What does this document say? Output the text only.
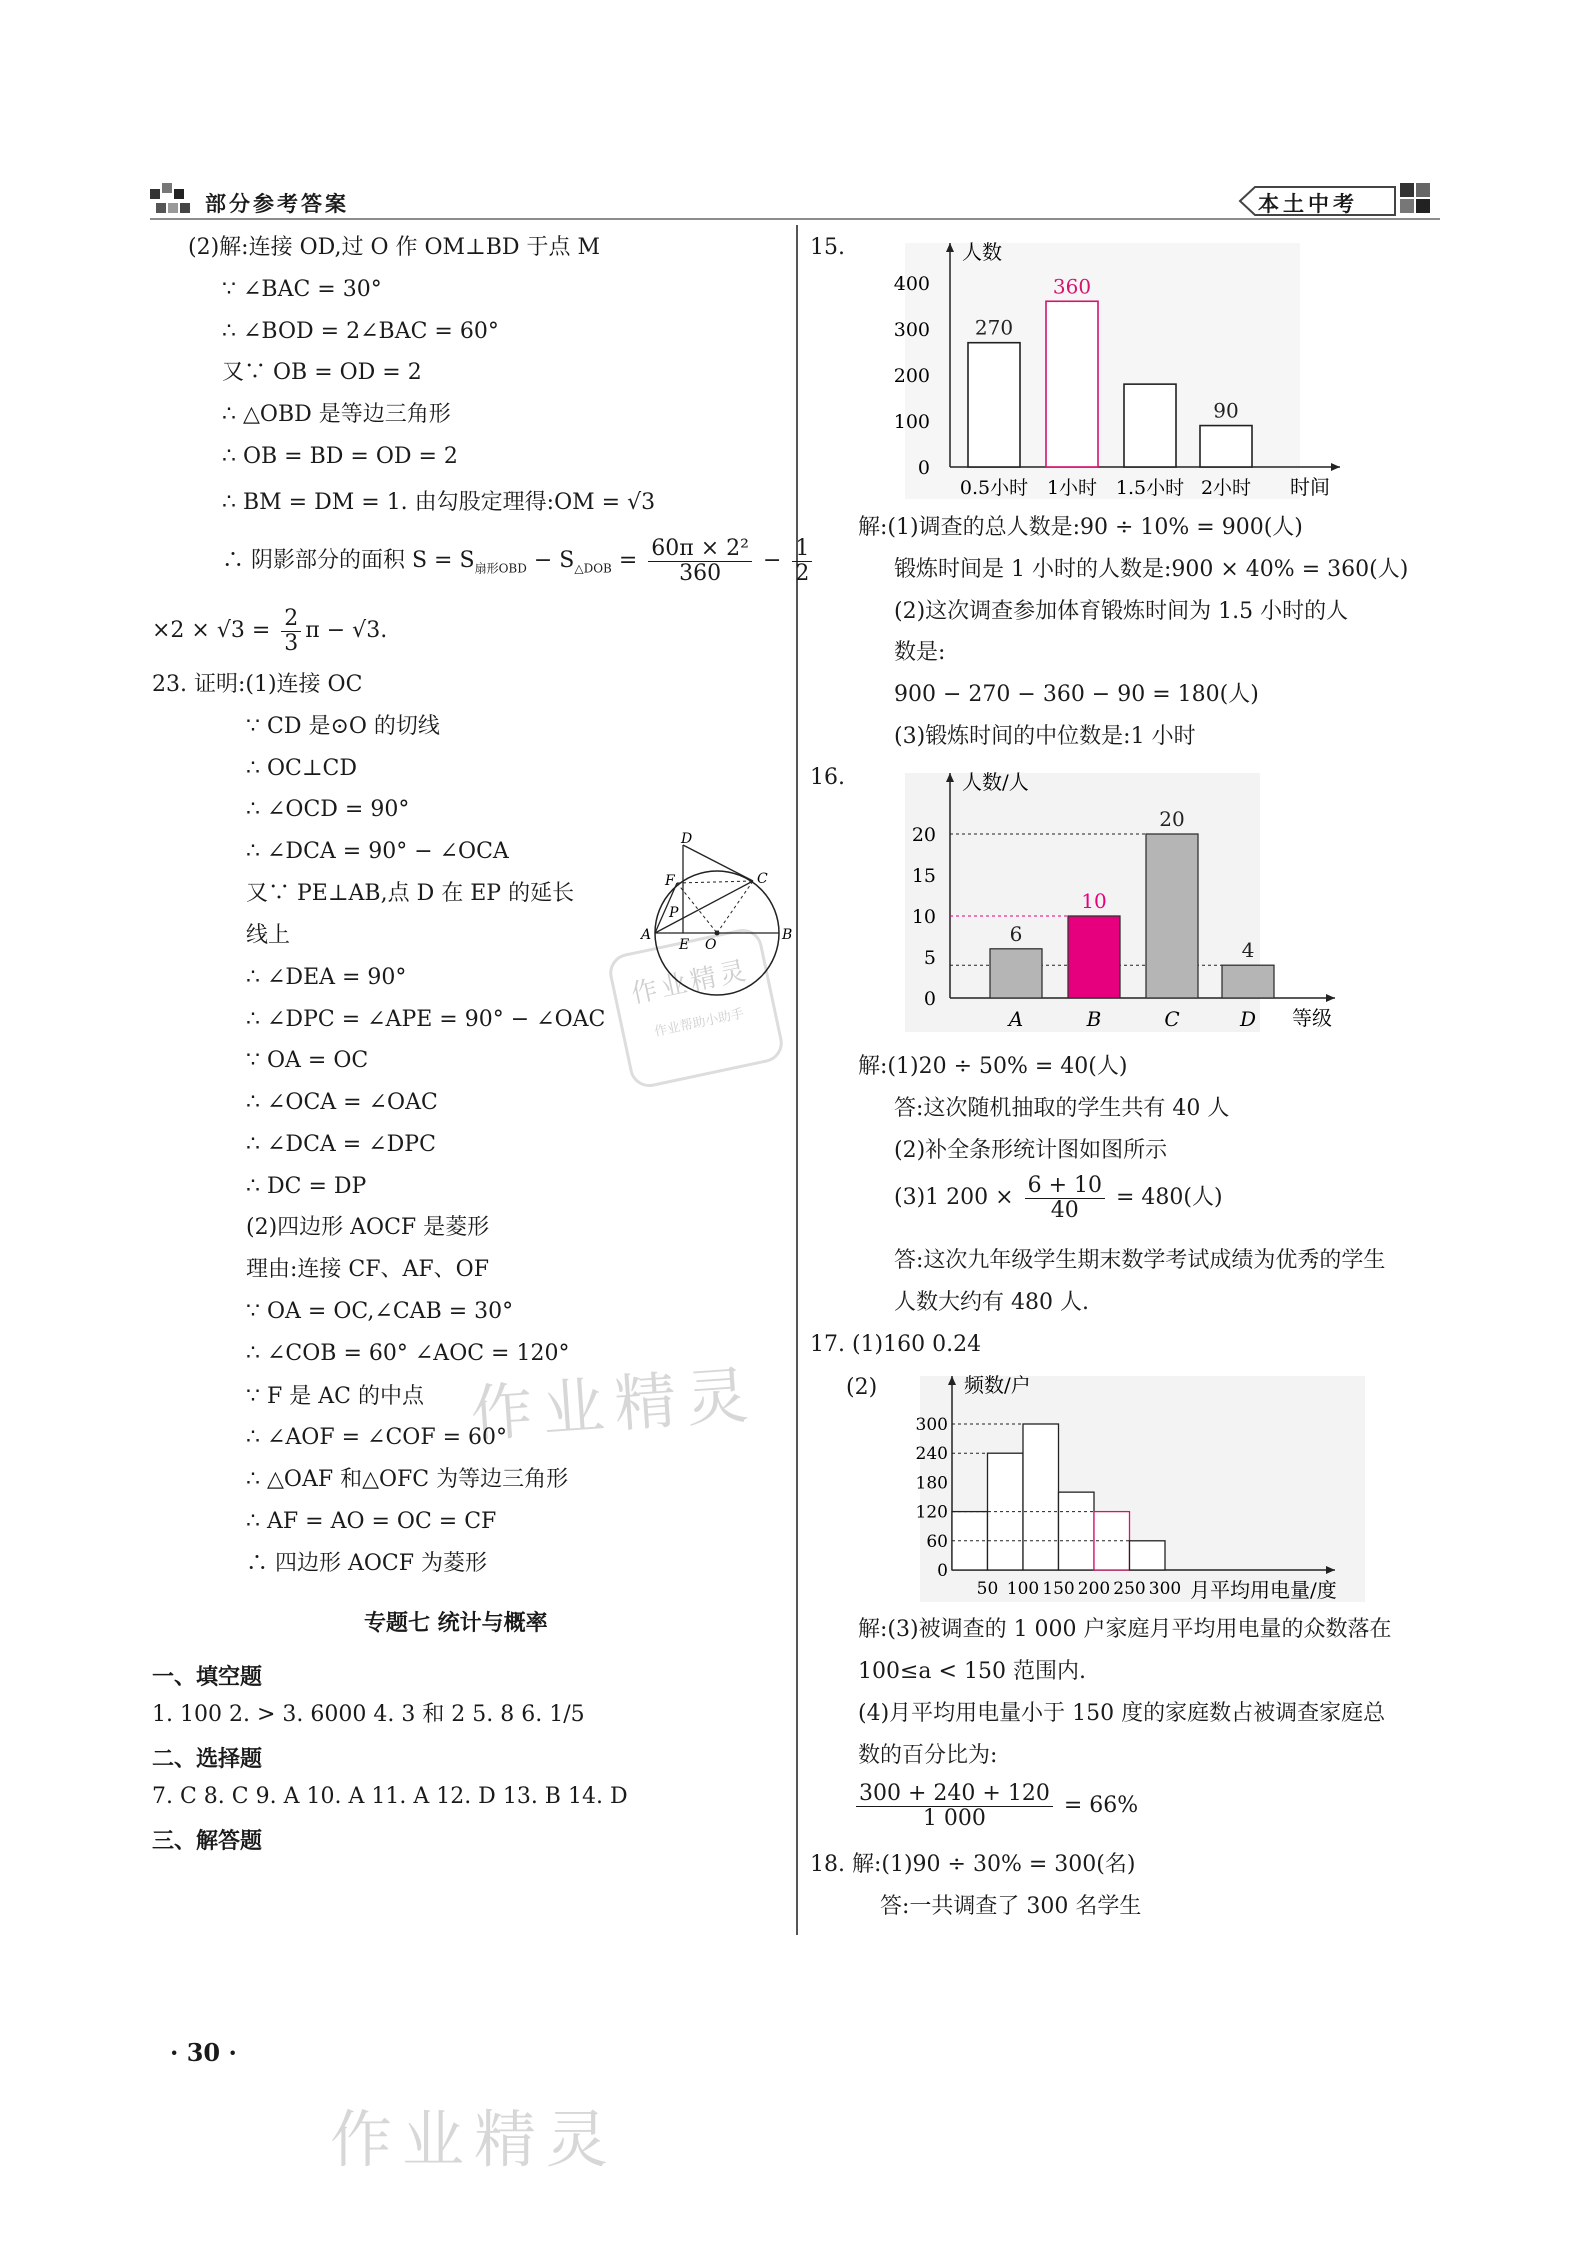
部分参考答案	本土中考
作业精灵
作业精灵
作业精灵
作业帮助小助手
(2)解:连接 OD,过 O 作 OM⊥BD 于点 M
∵ ∠BAC = 30°
∴ ∠BOD = 2∠BAC = 60°
又∵ OB = OD = 2
∴ △OBD 是等边三角形
∴ OB = BD = OD = 2
∴ BM = DM = 1. 由勾股定理得:OM = √3
∴ 阴影部分的面积 $S = S_{扇形OBD} - S_{\triangle DOB} = \frac{\text{60π × 2²}}{360} - \frac{1}{2}$
$\times 2 \times √3 = \frac{2}{3}$ π − √3.
23. 证明:(1)连接 OC
∵ CD 是⊙O 的切线
∴ OC⊥CD
∴ ∠OCD = 90°
∴ ∠DCA = 90° − ∠OCA
又∵ PE⊥AB,点 D 在 EP 的延长
线上
∴ ∠DEA = 90°
∴ ∠DPC = ∠APE = 90° − ∠OAC
∵ OA = OC
∴ ∠OCA = ∠OAC
∴ ∠DCA = ∠DPC
∴ DC = DP
(2)四边形 AOCF 是菱形
理由:连接 CF、AF、OF
∵ OA = OC,∠CAB = 30°
∴ ∠COB = 60° ∠AOC = 120°
∵ F 是 AC 的中点
∴ ∠AOF = ∠COF = 60°
∴ △OAF 和△OFC 为等边三角形
∴ AF = AO = OC = CF
∴ 四边形 AOCF 为菱形
D
F	C
P
A
E O
B
专题七 统计与概率
一、填空题
1. 100 2. > 3. 6000 4. 3 和 2 5. 8 6. 1/5
二、选择题
7. C 8. C 9. A 10. A 11. A 12. D 13. B 14. D
三、解答题
· 30 ·
15.	人数
时间
0
100
200
300
400
270
0.5小时
360
1小时 1.5小时
90
2小时
解:(1)调查的总人数是:90 ÷ 10% = 900(人)
锻炼时间是 1 小时的人数是:900 × 40% = 360(人)
(2)这次调查参加体育锻炼时间为 1.5 小时的人
数是:
900 − 270 − 360 − 90 = 180(人)
(3)锻炼时间的中位数是:1 小时
16.	人数/人
等级
0
5
10
15
20
6
A
10
B
20
C
4
D
解:(1)20 ÷ 50% = 40(人)
答:这次随机抽取的学生共有 40 人
(2)补全条形统计图如图所示
(3)1 $200 \times \frac{6 + 10}{40} = 480$(人)
答:这次九年级学生期末数学考试成绩为优秀的学生
人数大约有 480 人.
17. (1)160 0.24
(2)	频数/户
月平均用电量/度
0
60
120
180
240
300
50 100 150 200 250 300
解:(3)被调查的 1 000 户家庭月平均用电量的众数落在
100≤a < 150 范围内.
(4)月平均用电量小于 150 度的家庭数占被调查家庭总
数的百分比为:
$\frac{300 + 240 + 120}{1 000} = 66\%$
18. 解:(1)90 ÷ 30% = 300(名)
答:一共调查了 300 名学生
